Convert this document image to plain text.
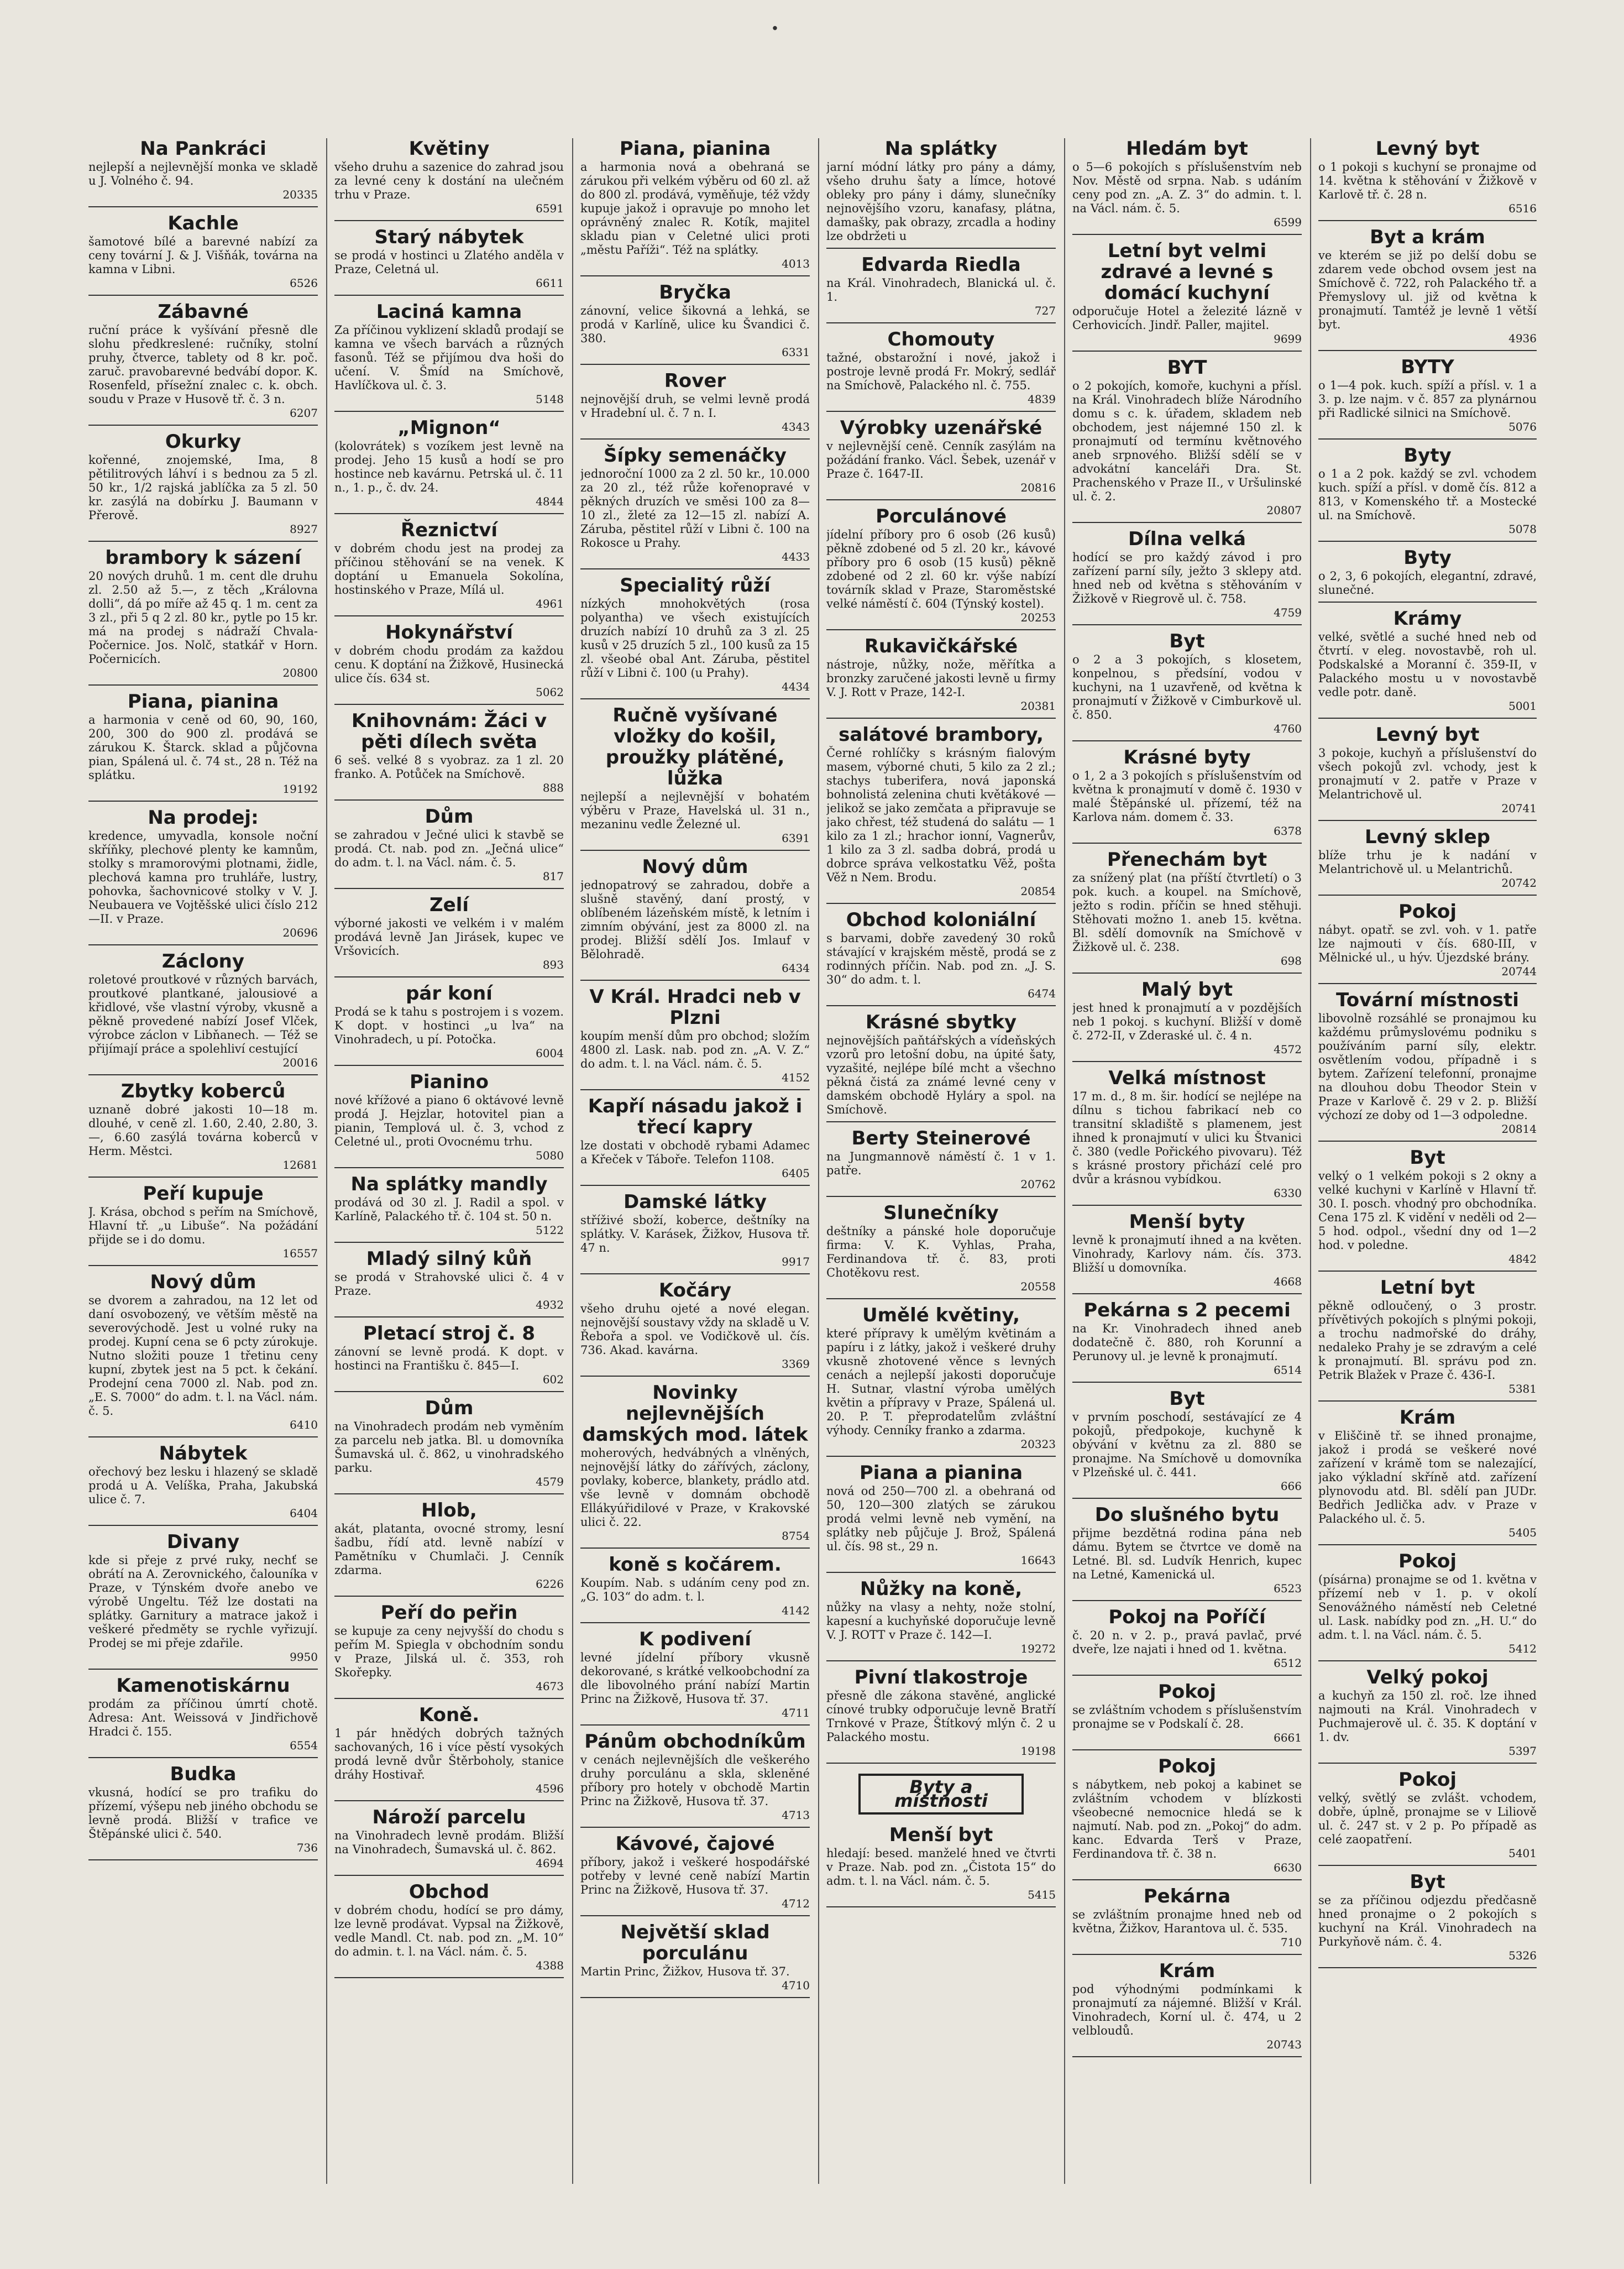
·
Na Pankráci

nejlepší a nejlevnější monka ve skladě u J. Volného č. 94.

20335
Kachle

šamotové bílé a barevné nabízí za ceny tovární J. & J. Višňák, továrna na kamna v Libni.

6526
Zábavné

ruční práce k vyšívání přesně dle slohu předkreslené: ručníky, stolní pruhy, čtverce, tablety od 8 kr. poč. zaruč. pravobarevné bedvábí dopor. K. Rosenfeld, přísežní znalec c. k. obch. soudu v Praze v Husově tř. č. 3 n.

6207
Okurky

kořenné, znojemské, Ima, 8 pětilitrových láhví i s bednou za 5 zl. 50 kr., 1/2 rajská jablíčka za 5 zl. 50 kr. zasýlá na dobírku J. Baumann v Přerově.

8927
brambory k sázení

20 nových druhů. 1 m. cent dle druhu zl. 2.50 až 5.—, z těch „Královna dolli“, dá po míře až 45 q. 1 m. cent za 3 zl., při 5 q 2 zl. 80 kr., pytle po 15 kr. má na prodej s nádraží Chvala-Počernice. Jos. Nolč, statkář v Horn. Počernicích.

20800
Piana, pianina

a harmonia v ceně od 60, 90, 160, 200, 300 do 900 zl. prodává se zárukou K. Štarck. sklad a půjčovna pian, Spálená ul. č. 74 st., 28 n. Též na splátku.

19192
Na prodej:

kredence, umyvadla, konsole noční skříňky, plechové plenty ke kamnům, stolky s mramorovými plotnami, židle, plechová kamna pro truhláře, lustry, pohovka, šachovnicové stolky v V. J. Neubauera ve Vojtěšské ulici číslo 212—II. v Praze.

20696
Záclony

roletové proutkové v různých barvách, proutkové plantkané, jalousiové a křidlové, vše vlastní výroby, vkusně a pěkně provedené nabízí Josef Vlček, výrobce záclon v Libňanech. — Též se přijímají práce a spolehliví cestující

20016
Zbytky koberců

uznaně dobré jakosti 10—18 m. dlouhé, v ceně zl. 1.60, 2.40, 2.80, 3.—, 6.60 zasýlá továrna koberců v Herm. Městci.

12681
Peří kupuje

J. Krása, obchod s peřím na Smíchově, Hlavní tř. „u Libuše“. Na požádání přijde se i do domu.

16557
Nový dům

se dvorem a zahradou, na 12 let od daní osvobozený, ve větším městě na severovýchodě. Jest u volné ruky na prodej. Kupní cena se 6 pcty zúrokuje. Nutno složiti pouze 1 třetinu ceny kupní, zbytek jest na 5 pct. k čekání. Prodejní cena 7000 zl. Nab. pod zn. „E. S. 7000“ do adm. t. l. na Václ. nám. č. 5.

6410
Nábytek

ořechový bez lesku i hlazený se skladě prodá u A. Velíška, Praha, Jakubská ulice č. 7.

6404
Divany

kde si přeje z prvé ruky, nechť se obrátí na A. Zerovnického, čalouníka v Praze, v Týnském dvoře anebo ve výrobě Ungeltu. Též lze dostati na splátky. Garnitury a matrace jakož i veškeré předměty se rychle vyřizují. Prodej se mi přeje zdařile.

9950
Kamenotiskárnu

prodám za příčinou úmrtí chotě. Adresa: Ant. Weissová v Jindřichově Hradci č. 155.

6554
Budka

vkusná, hodící se pro trafiku do přízemí, výšepu neb jiného obchodu se levně prodá. Bližší v trafice ve Štěpánské ulici č. 540.

736
Květiny

všeho druhu a sazenice do zahrad jsou za levné ceny k dostání na ulečném trhu v Praze.

6591
Starý nábytek

se prodá v hostinci u Zlatého anděla v Praze, Celetná ul.

6611
Laciná kamna

Za příčinou vyklizení skladů prodají se kamna ve všech barvách a různých fasonů. Též se přijímou dva hoši do učení. V. Šmíd na Smíchově, Havlíčkova ul. č. 3.

5148
„Mignon“

(kolovrátek) s vozíkem jest levně na prodej. Jeho 15 kusů a hodí se pro hostince neb kavárnu. Petrská ul. č. 11 n., 1. p., č. dv. 24.

4844
Řeznictví

v dobrém chodu jest na prodej za příčinou stěhování se na venek. K doptání u Emanuela Sokolína, hostinského v Praze, Mílá ul.

4961
Hokynářství

v dobrém chodu prodám za každou cenu. K doptání na Žižkově, Husinecká ulice čís. 634 st.

5062
Knihovnám: Žáci v pěti dílech světa

6 seš. velké 8 s vyobraz. za 1 zl. 20 franko. A. Potůček na Smíchově.

888
Dům

se zahradou v Ječné ulici k stavbě se prodá. Ct. nab. pod zn. „Ječná ulice“ do adm. t. l. na Václ. nám. č. 5.

817
Zelí

výborné jakosti ve velkém i v malém prodává levně Jan Jirásek, kupec ve Vršovicích.

893
pár koní

Prodá se k tahu s postrojem i s vozem. K dopt. v hostinci „u lva“ na Vinohradech, u pí. Potočka.

6004
Pianino

nové křížové a piano 6 oktávové levně prodá J. Hejzlar, hotovitel pian a pianin, Templová ul. č. 3, vchod z Celetné ul., proti Ovocnému trhu.

5080
Na splátky mandly

prodává od 30 zl. J. Radil a spol. v Karlíně, Palackého tř. č. 104 st. 50 n.

5122
Mladý silný kůň

se prodá v Strahovské ulici č. 4 v Praze.

4932
Pletací stroj č. 8

zánovní se levně prodá. K dopt. v hostinci na Františku č. 845—I.

602
Dům

na Vinohradech prodám neb vyměním za parcelu neb jatka. Bl. u domovníka Šumavská ul. č. 862, u vinohradského parku.

4579
Hlob,

akát, platanta, ovocné stromy, lesní šadbu, řídí atd. levně nabízí v Pamětníku v Chumlači. J. Cenník zdarma.

6226
Peří do peřin

se kupuje za ceny nejvyšší do chodu s peřím M. Spiegla v obchodním sondu v Praze, Jilská ul. č. 353, roh Skořepky.

4673
Koně.

1 pár hnědých dobrých tažných sachovaných, 16 i více pěstí vysokých prodá levně dvůr Štěrboholy, stanice dráhy Hostivař.

4596
Nároží parcelu

na Vinohradech levně prodám. Bližší na Vinohradech, Šumavská ul. č. 862.

4694
Obchod

v dobrém chodu, hodící se pro dámy, lze levně prodávat. Vypsal na Žižkově, vedle Mandl. Ct. nab. pod zn. „M. 10“ do admin. t. l. na Václ. nám. č. 5.

4388
Piana, pianina

a harmonia nová a obehraná se zárukou při velkém výběru od 60 zl. až do 800 zl. prodává, vyměňuje, též vždy kupuje jakož i opravuje po mnoho let oprávněný znalec R. Kotík, majitel skladu pian v Celetné ulici proti „městu Paříži“. Též na splátky.

4013
Bryčka

zánovní, velice šikovná a lehká, se prodá v Karlíně, ulice ku Švandici č. 380.

6331
Rover

nejnovější druh, se velmi levně prodá v Hradební ul. č. 7 n. I.

4343
Šípky semenáčky

jednoroční 1000 za 2 zl. 50 kr., 10.000 za 20 zl., též růže kořenopravé v pěkných druzích ve směsi 100 za 8—10 zl., žleté za 12—15 zl. nabízí A. Záruba, pěstitel růží v Libni č. 100 na Rokosce u Prahy.

4433
Specialitý růží

nízkých mnohokvětých (rosa polyantha) ve všech existujících druzích nabízí 10 druhů za 3 zl. 25 kusů v 25 druzích 5 zl., 100 kusů za 15 zl. všeobé obal Ant. Záruba, pěstitel růží v Libni č. 100 (u Prahy).

4434
Ručně vyšívané vložky do košil, proužky plátěné, lůžka

nejlepší a nejlevnější v bohatém výběru v Praze, Havelská ul. 31 n., mezaninu vedle Železné ul.

6391
Nový dům

jednopatrový se zahradou, dobře a slušně stavěný, daní prostý, v oblíbeném lázeňském místě, k letním i zimním obývání, jest za 8000 zl. na prodej. Bližší sdělí Jos. Imlauf v Bělohradě.

6434
V Král. Hradci neb v Plzni

koupím menší dům pro obchod; složím 4800 zl. Lask. nab. pod zn. „A. V. Z.“ do adm. t. l. na Václ. nám. č. 5.

4152
Kapří násadu jakož i třecí kapry

lze dostati v obchodě rybami Adamec a Křeček v Táboře. Telefon 1108.

6405
Damské látky

stříživé sboží, koberce, deštníky na splátky. V. Karásek, Žižkov, Husova tř. 47 n.

9917
Kočáry

všeho druhu ojeté a nové elegan. nejnovější soustavy vždy na skladě u V. Řebořa a spol. ve Vodičkově ul. čís. 736. Akad. kavárna.

3369
Novinky nejlevnějších damských mod. látek

moherových, hedvábných a vlněných, nejnovější látky do zářívých, záclony, povlaky, koberce, blankety, prádlo atd. vše levně v domnám obchodě Ellákyúřidilové v Praze, v Krakovské ulici č. 22.

8754
koně s kočárem.

Koupím. Nab. s udáním ceny pod zn. „G. 103“ do adm. t. l.

4142
K podivení

levné jídelní příbory vkusně dekorované, s krátké velkoobchodní za dle libovolného prání nabízí Martin Princ na Žižkově, Husova tř. 37.

4711
Pánům obchodníkům

v cenách nejlevnějších dle veškerého druhy porculánu a skla, skleněné příbory pro hotely v obchodě Martin Princ na Žižkově, Husova tř. 37.

4713
Kávové, čajové

příbory, jakož i veškeré hospodářské potřeby v levné ceně nabízí Martin Princ na Žižkově, Husova tř. 37.

4712
Největší sklad porculánu

Martin Princ, Žižkov, Husova tř. 37.

4710
Na splátky

jarní módní látky pro pány a dámy, všeho druhu šaty a límce, hotové obleky pro pány i dámy, slunečníky nejnovějšího vzoru, kanafasy, plátna, damašky, pak obrazy, zrcadla a hodiny lze obdržeti u

Edvarda Riedla

na Král. Vinohradech, Blanická ul. č. 1.

727
Chomouty

tažné, obstarožní i nové, jakož i postroje levně prodá Fr. Mokrý, sedlář na Smíchově, Palackého nl. č. 755.

4839
Výrobky uzenářské

v nejlevnější ceně. Cenník zasýlám na požádání franko. Václ. Šebek, uzenář v Praze č. 1647-II.

20816
Porculánové

jídelní příbory pro 6 osob (26 kusů) pěkně zdobené od 5 zl. 20 kr., kávové příbory pro 6 osob (15 kusů) pěkně zdobené od 2 zl. 60 kr. výše nabízí továrník sklad v Praze, Staroměstské velké náměstí č. 604 (Týnský kostel).

20253
Rukavičkářské

nástroje, nůžky, nože, měřítka a bronzky zaručené jakosti levně u firmy V. J. Rott v Praze, 142-I.

20381
salátové brambory,

Černé rohlíčky s krásným fialovým masem, výborné chuti, 5 kilo za 2 zl.; stachys tuberifera, nová japonská bohnolistá zelenina chuti květákové — jelikož se jako zemčata a připravuje se jako chřest, též studená do salátu — 1 kilo za 1 zl.; hrachor ionní, Vagnerův, 1 kilo za 3 zl. sadba dobrá, prodá u dobrce správa velkostatku Věž, pošta Věž n Nem. Brodu.

20854
Obchod koloniální

s barvami, dobře zavedený 30 roků stávající v krajském městě, prodá se z rodinných příčin. Nab. pod zn. „J. S. 30“ do adm. t. l.

6474
Krásné sbytky

nejnovějších paňtářských a vídeňských vzorů pro letošní dobu, na úpité šaty, vyzašité, nejlépe bílé mcht a všechno pěkná čistá za známé levné ceny v damském obchodě Hyláry a spol. na Smíchově.

Berty Steinerové

na Jungmannově náměstí č. 1 v 1. patře.

20762
Slunečníky

deštníky a pánské hole doporučuje firma: V. K. Vyhlas, Praha, Ferdinandova tř. č. 83, proti Chotěkovu rest.

20558
Umělé květiny,

které přípravy k umělým květinám a papíru i z látky, jakož i veškeré druhy vkusně zhotovené věnce s levných cenách a nejlepší jakosti doporučuje H. Sutnar, vlastní výroba umělých květin a přípravy v Praze, Spálená ul. 20. P. T. přeprodatelům zvláštní výhody. Cenníky franko a zdarma.

20323
Piana a pianina

nová od 250—700 zl. a obehraná od 50, 120—300 zlatých se zárukou prodá velmi levně neb vymění, na splátky neb půjčuje J. Brož, Spálená ul. čís. 98 st., 29 n.

16643
Nůžky na koně,

nůžky na vlasy a nehty, nože stolní, kapesní a kuchyňské doporučuje levně V. J. ROTT v Praze č. 142—I.

19272
Pivní tlakostroje

přesně dle zákona stavěné, anglické cínové trubky odporučuje levně Bratří Trnkové v Praze, Štítkový mlýn č. 2 u Palackého mostu.

19198
Byty a místnosti
Menší byt

hledají: besed. manželé hned ve čtvrti v Praze. Nab. pod zn. „Čistota 15“ do adm. t. l. na Václ. nám. č. 5.

5415
Hledám byt

o 5—6 pokojích s příslušenstvím neb Nov. Městě od srpna. Nab. s udáním ceny pod zn. „A. Z. 3“ do admin. t. l. na Václ. nám. č. 5.

6599
Letní byt velmi zdravé a levné s domácí kuchyní

odporučuje Hotel a železité lázně v Cerhovicích. Jindř. Paller, majitel.

9699
BYT

o 2 pokojích, komoře, kuchyni a přísl. na Král. Vinohradech blíže Národního domu s c. k. úřadem, skladem neb obchodem, jest nájemné 150 zl. k pronajmutí od termínu květnového aneb srpnového. Bližší sdělí se v advokátní kanceláři Dra. St. Prachenského v Praze II., v Uršulinské ul. č. 2.

20807
Dílna velká

hodící se pro každý závod i pro zařízení parní síly, ježto 3 sklepy atd. hned neb od května s stěhováním v Žižkově v Riegrově ul. č. 758.

4759
Byt

o 2 a 3 pokojích, s klosetem, konpelnou, s předsíní, vodou v kuchyni, na 1 uzavřeně, od května k pronajmutí v Žižkově v Cimburkově ul. č. 850.

4760
Krásné byty

o 1, 2 a 3 pokojích s příslušenstvím od května k pronajmutí v domě č. 1930 v malé Štěpánské ul. přízemí, též na Karlova nám. domem č. 33.

6378
Přenechám byt

za snížený plat (na příští čtvrtletí) o 3 pok. kuch. a koupel. na Smíchově, ježto s rodin. příčin se hned stěhuji. Stěhovati možno 1. aneb 15. května. Bl. sdělí domovník na Smíchově v Žižkově ul. č. 238.

698
Malý byt

jest hned k pronajmutí a v pozdějších neb 1 pokoj. s kuchyní. Bližší v domě č. 272-II, v Zderaské ul. č. 4 n.

4572
Velká místnost

17 m. d., 8 m. šir. hodící se nejlépe na dílnu s tichou fabrikací neb co transitní skladiště s plamenem, jest ihned k pronajmutí v ulici ku Štvanici č. 380 (vedle Pořického pivovaru). Též s krásné prostory přichází celé pro dvůr a krásnou vybídkou.

6330
Menší byty

levně k pronajmutí ihned a na květen. Vinohrady, Karlovy nám. čís. 373. Bližší u domovníka.

4668
Pekárna s 2 pecemi

na Kr. Vinohradech ihned aneb dodatečně č. 880, roh Korunní a Perunovy ul. je levně k pronajmutí.

6514
Byt

v prvním poschodí, sestávající ze 4 pokojů, předpokoje, kuchyně k obývání v květnu za zl. 880 se pronajme. Na Smíchově u domovníka v Plzeňské ul. č. 441.

666
Do slušného bytu

přijme bezdětná rodina pána neb dámu. Bytem se čtvrtce ve domě na Letné. Bl. sd. Ludvík Henrich, kupec na Letné, Kamenická ul.

6523
Pokoj na Poříčí

č. 20 n. v 2. p., pravá pavlač, prvé dveře, lze najati i hned od 1. května.

6512
Pokoj

se zvláštním vchodem s příslušenstvím pronajme se v Podskalí č. 28.

6661
Pokoj

s nábytkem, neb pokoj a kabinet se zvláštním vchodem v blízkosti všeobecné nemocnice hledá se k najmutí. Nab. pod zn. „Pokoj“ do adm. kanc. Edvarda Terš v Praze, Ferdinandova tř. č. 38 n.

6630
Pekárna

se zvláštním pronajme hned neb od května, Žižkov, Harantova ul. č. 535.

710
Krám

pod výhodnými podmínkami k pronajmutí za nájemné. Bližší v Král. Vinohradech, Korní ul. č. 474, u 2 velbloudů.

20743
Levný byt

o 1 pokoji s kuchyní se pronajme od 14. května k stěhování v Žižkově v Karlově tř. č. 28 n.

6516
Byt a krám

ve kterém se již po delší dobu se zdarem vede obchod ovsem jest na Smíchově č. 722, roh Palackého tř. a Přemyslovy ul. již od května k pronajmutí. Tamtéž je levně 1 větší byt.

4936
BYTY

o 1—4 pok. kuch. spíží a přísl. v. 1 a 3. p. lze najm. v č. 857 za plynárnou při Radlické silnici na Smíchově.

5076
Byty

o 1 a 2 pok. každý se zvl. vchodem kuch. spíží a přísl. v domě čís. 812 a 813, v Komenského tř. a Mostecké ul. na Smíchově.

5078
Byty

o 2, 3, 6 pokojích, elegantní, zdravé, slunečné.

Krámy

velké, světlé a suché hned neb od čtvrtí. v eleg. novostavbě, roh ul. Podskalské a Moranní č. 359-II, v Palackého mostu u v novostavbě vedle potr. daně.

5001
Levný byt

3 pokoje, kuchyň a příslušenství do všech pokojů zvl. vchody, jest k pronajmutí v 2. patře v Praze v Melantrichově ul.

20741
Levný sklep

blíže trhu je k nadání v Melantrichově ul. u Melantrichů.

20742
Pokoj

nábyt. opatř. se zvl. voh. v 1. patře lze najmouti v čís. 680-III, v Mělnické ul., u hýv. Újezdské brány.

20744
Tovární místnosti

libovolně rozsáhlé se pronajmou ku každému průmyslovému podniku s používáním parní síly, elektr. osvětlením vodou, případně i s bytem. Zařízení telefonní, pronajme na dlouhou dobu Theodor Stein v Praze v Karlově č. 29 v 2. p. Bližší výchozí ze doby od 1—3 odpoledne.

20814
Byt

velký o 1 velkém pokoji s 2 okny a velké kuchyni v Karlíně v Hlavní tř. 30. I. posch. vhodný pro obchodníka. Cena 175 zl. K vidění v neděli od 2—5 hod. odpol., všední dny od 1—2 hod. v poledne.

4842
Letní byt

pěkně odloučený, o 3 prostr. přívětivých pokojích s plnými pokoji, a trochu nadmořské do dráhy, nedaleko Prahy je se zdravým a celé k pronajmutí. Bl. správu pod zn. Petrik Blažek v Praze č. 436-I.

5381
Krám

v Eliščině tř. se ihned pronajme, jakož i prodá se veškeré nové zařízení v krámě tom se nalezající, jako výkladní skříně atd. zařízení plynovodu atd. Bl. sdělí pan JUDr. Bedřich Jedlička adv. v Praze v Palackého ul. č. 5.

5405
Pokoj

(písárna) pronajme se od 1. května v přízemí neb v 1. p. v okolí Senovážného náměstí neb Celetné ul. Lask. nabídky pod zn. „H. U.“ do adm. t. l. na Václ. nám. č. 5.

5412
Velký pokoj

a kuchyň za 150 zl. roč. lze ihned najmouti na Král. Vinohradech v Puchmajerově ul. č. 35. K doptání v 1. dv.

5397
Pokoj

velký, světlý se zvlášt. vchodem, dobře, úplně, pronajme se v Liliově ul. č. 247 st. v 2 p. Po případě as celé zaopatření.

5401
Byt

se za příčinou odjezdu předčasně hned pronajme o 2 pokojích s kuchyní na Král. Vinohradech na Purkyňově nám. č. 4.

5326
